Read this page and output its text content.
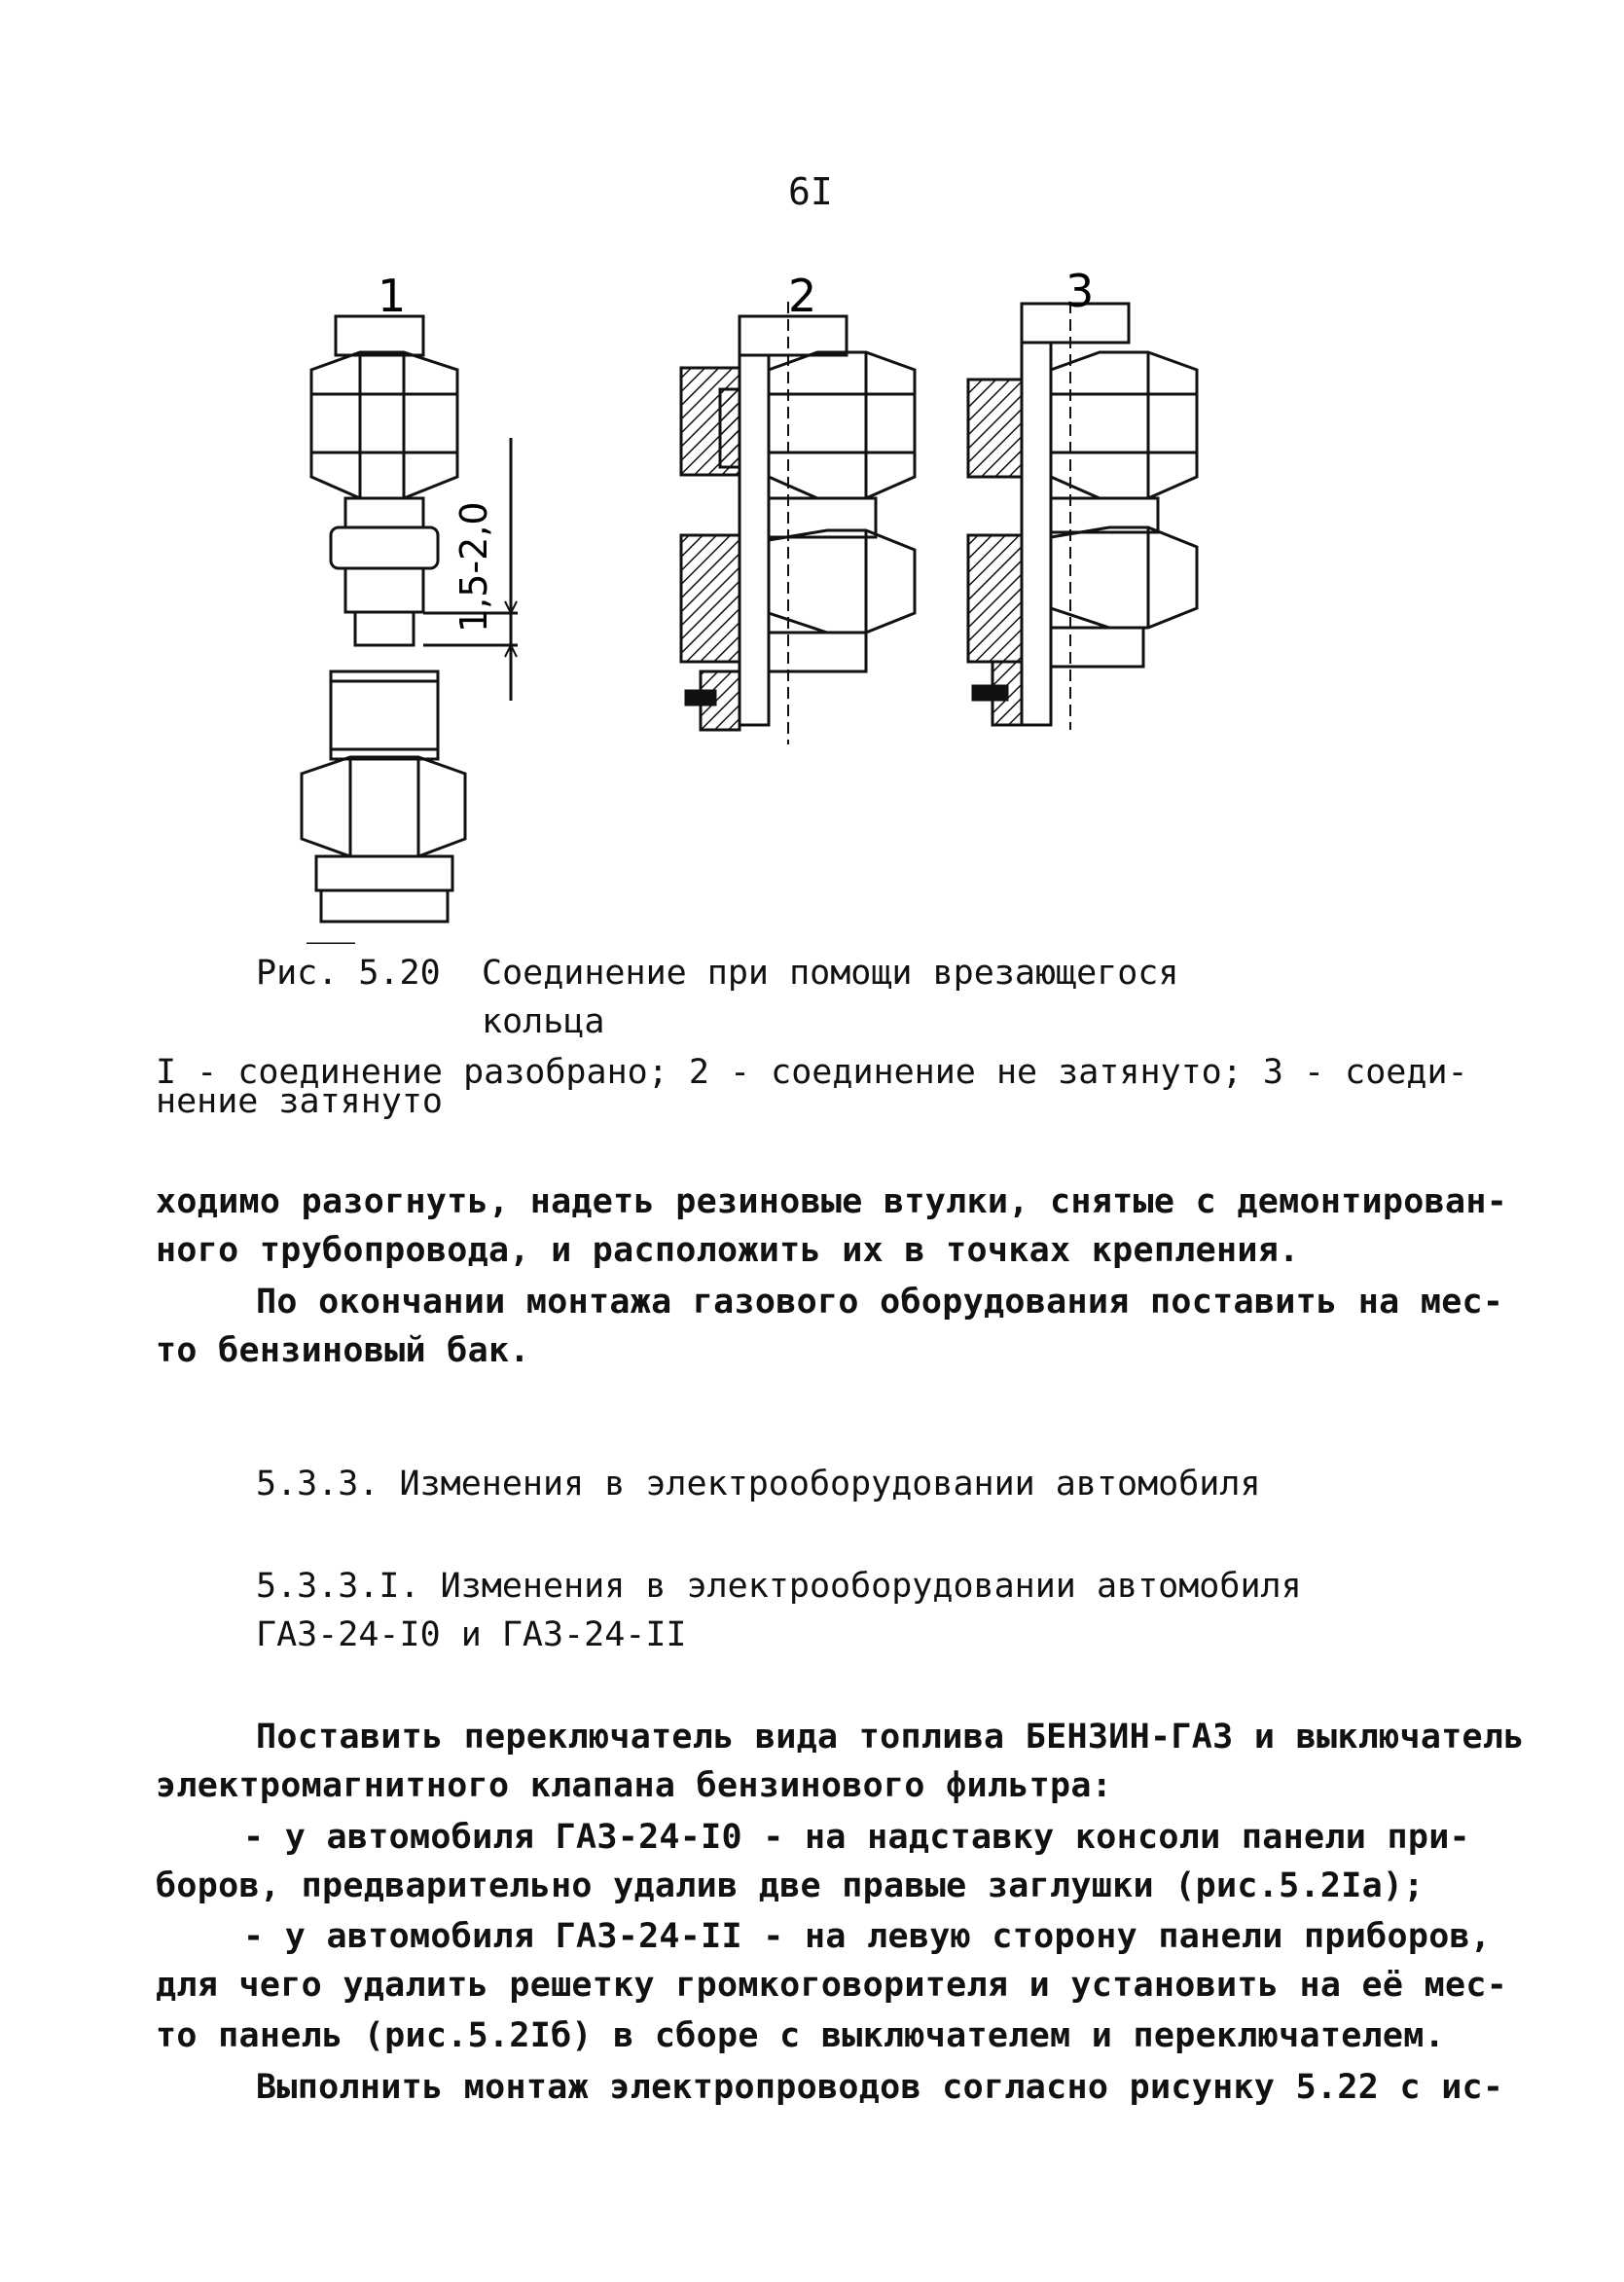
6I
1	2	3
1,5-2,0
Рис. 5.20 Соединение при помощи врезающегося
кольца
I - соединение разобрано; 2 - соединение не затянуто; 3 - соеди-
нение затянуто
ходимо разогнуть, надеть резиновые втулки, снятые с демонтирован-
ного трубопровода, и расположить их в точках крепления.
По окончании монтажа газового оборудования поставить на мес-
то бензиновый бак.
5.3.3. Изменения в электрооборудовании автомобиля
5.3.3.I. Изменения в электрооборудовании автомобиля
ГАЗ-24-I0 и ГАЗ-24-II
Поставить переключатель вида топлива БЕНЗИН-ГАЗ и выключатель
электромагнитного клапана бензинового фильтра:
- у автомобиля ГАЗ-24-I0 - на надставку консоли панели при-
боров, предварительно удалив две правые заглушки (рис.5.2Iа);
- у автомобиля ГАЗ-24-II - на левую сторону панели приборов,
для чего удалить решетку громкоговорителя и установить на её мес-
то панель (рис.5.2Iб) в сборе с выключателем и переключателем.
Выполнить монтаж электропроводов согласно рисунку 5.22 с ис-
